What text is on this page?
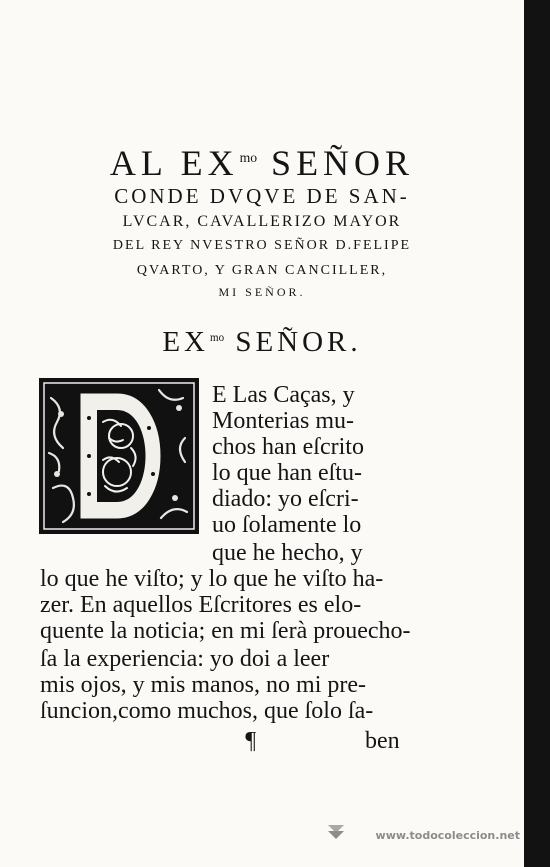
AL $EX^{mo}$ SEÑOR
CONDE DVQVE DE SAN-
LVCAR, CAVALLERIZO MAYOR
DEL REY NVESTRO SEÑOR D.FELIPE
QVARTO, Y GRAN CANCILLER,
MI SEÑOR.
$EX^{mo}$ SEÑOR.
E Las Caças, y
Monterias mu-
chos han eſcrito
lo que han eſtu-
diado: yo eſcri-
uo ſolamente lo
que he hecho, y
lo que he viſto; y lo que he viſto ha-
zer. En aquellos Eſcritores es elo-
quente la noticia; en mi ſerà prouecho-
ſa la experiencia: yo doi a leer
mis ojos, y mis manos, no mi pre-
ſuncion,como muchos, que ſolo ſa-
¶	ben
www.todocoleccion.net
